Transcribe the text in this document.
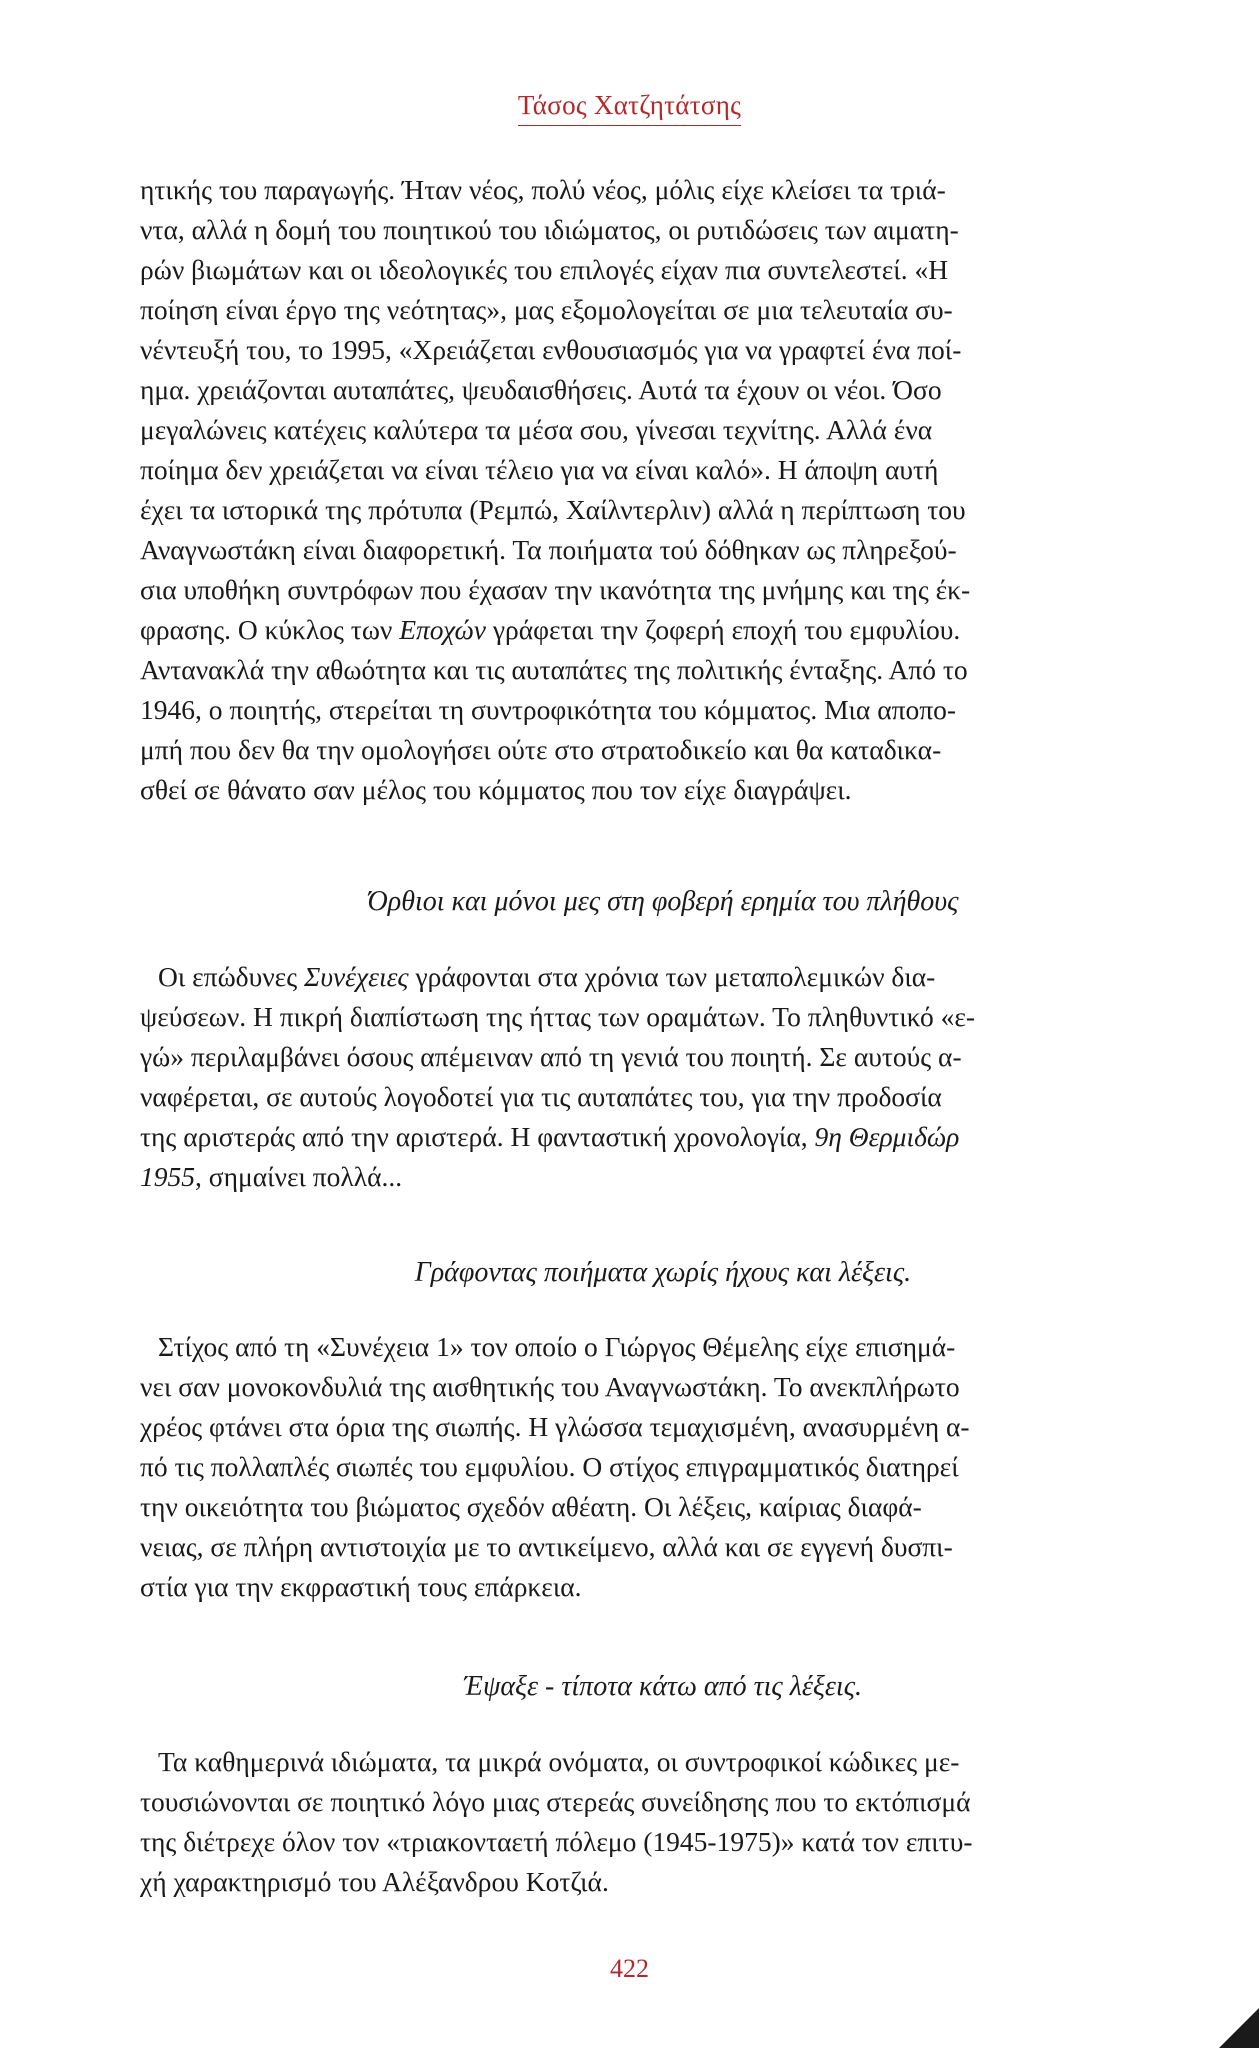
Τάσος Χατζητάτσης

ητικής του παραγωγής. Ήταν νέος, πολύ νέος, μόλις είχε κλείσει τα τριά-

ντα, αλλά η δομή του ποιητικού του ιδιώματος, οι ρυτιδώσεις των αιματη-

ρών βιωμάτων και οι ιδεολογικές του επιλογές είχαν πια συντελεστεί. «Η

ποίηση είναι έργο της νεότητας», μας εξομολογείται σε μια τελευταία συ-

νέντευξή του, το 1995, «Χρειάζεται ενθουσιασμός για να γραφτεί ένα ποί-

ημα. χρειάζονται αυταπάτες, ψευδαισθήσεις. Αυτά τα έχουν οι νέοι. Όσο

μεγαλώνεις κατέχεις καλύτερα τα μέσα σου, γίνεσαι τεχνίτης. Αλλά ένα

ποίημα δεν χρειάζεται να είναι τέλειο για να είναι καλό». Η άποψη αυτή

έχει τα ιστορικά της πρότυπα (Ρεμπώ, Χαίλντερλιν) αλλά η περίπτωση του

Αναγνωστάκη είναι διαφορετική. Τα ποιήματα τού δόθηκαν ως πληρεξού-

σια υποθήκη συντρόφων που έχασαν την ικανότητα της μνήμης και της έκ-

φρασης. Ο κύκλος των Εποχών γράφεται την ζοφερή εποχή του εμφυλίου.

Αντανακλά την αθωότητα και τις αυταπάτες της πολιτικής ένταξης. Από το

1946, ο ποιητής, στερείται τη συντροφικότητα του κόμματος. Μια αποπο-

μπή που δεν θα την ομολογήσει ούτε στο στρατοδικείο και θα καταδικα-

σθεί σε θάνατο σαν μέλος του κόμματος που τον είχε διαγράψει.

Όρθιοι και μόνοι μες στη φοβερή ερημία του πλήθους

Οι επώδυνες Συνέχειες γράφονται στα χρόνια των μεταπολεμικών δια-

ψεύσεων. Η πικρή διαπίστωση της ήττας των οραμάτων. Το πληθυντικό «ε-

γώ» περιλαμβάνει όσους απέμειναν από τη γενιά του ποιητή. Σε αυτούς α-

ναφέρεται, σε αυτούς λογοδοτεί για τις αυταπάτες του, για την προδοσία

της αριστεράς από την αριστερά. Η φανταστική χρονολογία, 9η Θερμιδώρ

1955, σημαίνει πολλά...

Γράφοντας ποιήματα χωρίς ήχους και λέξεις.

Στίχος από τη «Συνέχεια 1» τον οποίο ο Γιώργος Θέμελης είχε επισημά-

νει σαν μονοκονδυλιά της αισθητικής του Αναγνωστάκη. Το ανεκπλήρωτο

χρέος φτάνει στα όρια της σιωπής. Η γλώσσα τεμαχισμένη, ανασυρμένη α-

πό τις πολλαπλές σιωπές του εμφυλίου. Ο στίχος επιγραμματικός διατηρεί

την οικειότητα του βιώματος σχεδόν αθέατη. Οι λέξεις, καίριας διαφά-

νειας, σε πλήρη αντιστοιχία με το αντικείμενο, αλλά και σε εγγενή δυσπι-

στία για την εκφραστική τους επάρκεια.

Έψαξε - τίποτα κάτω από τις λέξεις.

Τα καθημερινά ιδιώματα, τα μικρά ονόματα, οι συντροφικοί κώδικες με-

τουσιώνονται σε ποιητικό λόγο μιας στερεάς συνείδησης που το εκτόπισμά

της διέτρεχε όλον τον «τριακονταετή πόλεμο (1945-1975)» κατά τον επιτυ-

χή χαρακτηρισμό του Αλέξανδρου Κοτζιά.

422
